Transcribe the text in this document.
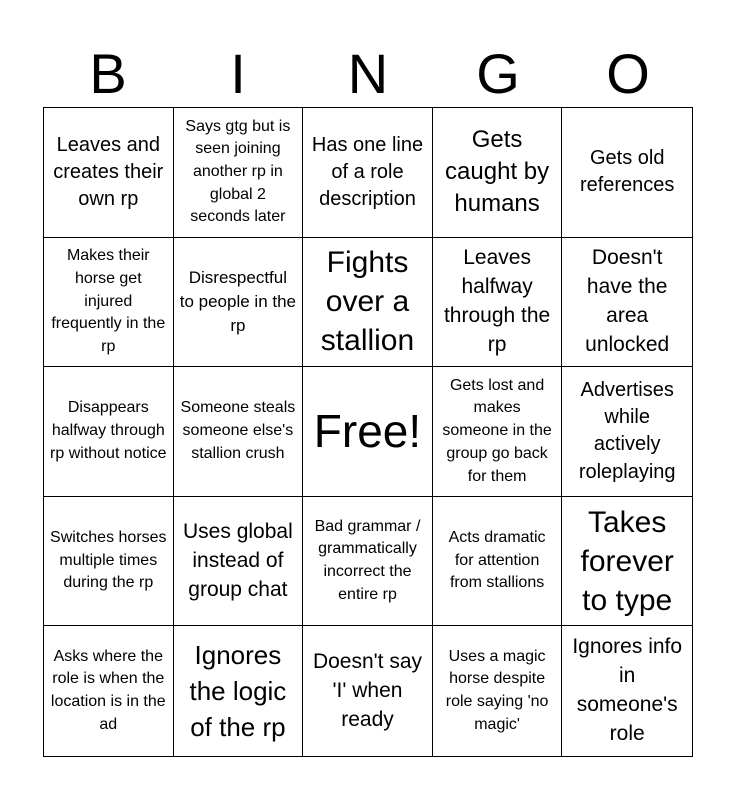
B	I	N	G	O
Leaves and creates their own rp
Says gtg but is seen joining another rp in global 2 seconds later
Has one line of a role description
Gets caught by humans
Gets old references
Makes their horse get injured frequently in the rp
Disrespectful to people in the rp
Fights over a stallion
Leaves halfway through the rp
Doesn't have the area unlocked
Disappears halfway through rp without notice
Someone steals someone else's stallion crush Free!
Gets lost and makes someone in the group go back for them
Advertises while actively roleplaying
Switches horses multiple times during the rp
Uses global instead of group chat
Bad grammar / grammatically incorrect the entire rp
Acts dramatic for attention from stallions
Takes forever to type
Asks where the role is when the location is in the ad
Ignores the logic of the rp
Doesn't say 'I' when ready
Uses a magic horse despite role saying 'no magic'
Ignores info in someone's role
